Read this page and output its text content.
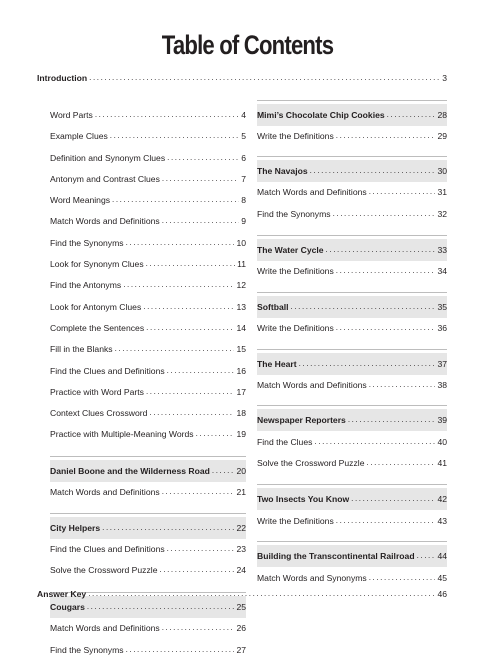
Table of Contents
Introduction .....	3
Word Parts .....	4
Example Clues .....	5
Definition and Synonym Clues .....	6
Antonym and Contrast Clues .....	7
Word Meanings .....	8
Match Words and Definitions .....	9
Find the Synonyms .....	10
Look for Synonym Clues .....	11
Find the Antonyms .....	12
Look for Antonym Clues .....	13
Complete the Sentences .....	14
Fill in the Blanks .....	15
Find the Clues and Definitions .....	16
Practice with Word Parts .....	17
Context Clues Crossword .....	18
Practice with Multiple-Meaning Words .....	19
Daniel Boone and the Wilderness Road .....	20
Match Words and Definitions .....	21
City Helpers .....	22
Find the Clues and Definitions .....	23
Solve the Crossword Puzzle .....	24
Cougars .....	25
Match Words and Definitions .....	26
Find the Synonyms .....	27
Mimi’s Chocolate Chip Cookies .....	28
Write the Definitions .....	29
The Navajos .....	30
Match Words and Definitions .....	31
Find the Synonyms .....	32
The Water Cycle .....	33
Write the Definitions .....	34
Softball .....	35
Write the Definitions .....	36
The Heart .....	37
Match Words and Definitions .....	38
Newspaper Reporters .....	39
Find the Clues .....	40
Solve the Crossword Puzzle .....	41
Two Insects You Know .....	42
Write the Definitions .....	43
Building the Transcontinental Railroad .....	44
Match Words and Synonyms .....	45
Answer Key .....	46
